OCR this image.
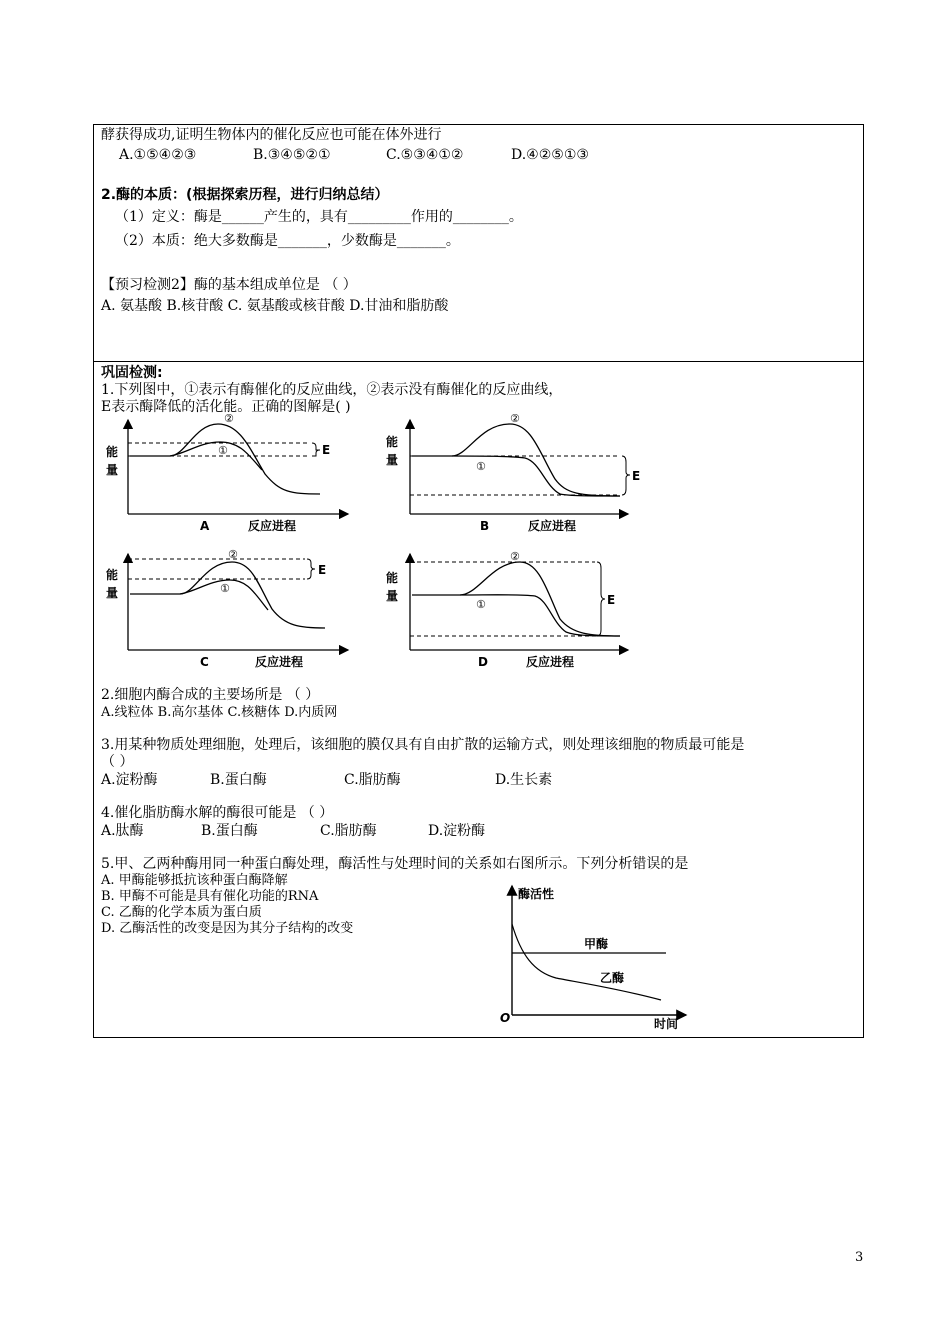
酵获得成功,证明生物体内的催化反应也可能在体外进行
A.①⑤④②③	B.③④⑤②①	C.⑤③④①②	D.④②⑤①③
2.酶的本质：(根据探索历程，进行归纳总结）
（1）定义：酶是______产生的，具有_________作用的________。
（2）本质：绝大多数酶是_______，少数酶是_______。
【预习检测2】酶的基本组成单位是 （ ）
A. 氨基酸 B.核苷酸 C. 氨基酸或核苷酸 D.甘油和脂肪酸
巩固检测:
1.下列图中，①表示有酶催化的反应曲线，②表示没有酶催化的反应曲线，
E表示酶降低的活化能。正确的图解是( )
能
量
能
量
能
量
能
量
A	反应进程	B	反应进程
C	反应进程	D	反应进程
E
E
E
E
②
①
②
①
②
①
②
①
2.细胞内酶合成的主要场所是 （ ）
A.线粒体 B.高尔基体 C.核糖体 D.内质网
3.用某种物质处理细胞，处理后，该细胞的膜仅具有自由扩散的运输方式，则处理该细胞的物质最可能是
（ ）
A.淀粉酶	B.蛋白酶	C.脂肪酶	D.生长素
4.催化脂肪酶水解的酶很可能是 （ ）
A.肽酶	B.蛋白酶	C.脂肪酶	D.淀粉酶
5.甲、乙两种酶用同一种蛋白酶处理，酶活性与处理时间的关系如右图所示。下列分析错误的是
A. 甲酶能够抵抗该种蛋白酶降解
B. 甲酶不可能是具有催化功能的RNA
C. 乙酶的化学本质为蛋白质
D. 乙酶活性的改变是因为其分子结构的改变
酶活性
时间
O
甲酶
乙酶
3
